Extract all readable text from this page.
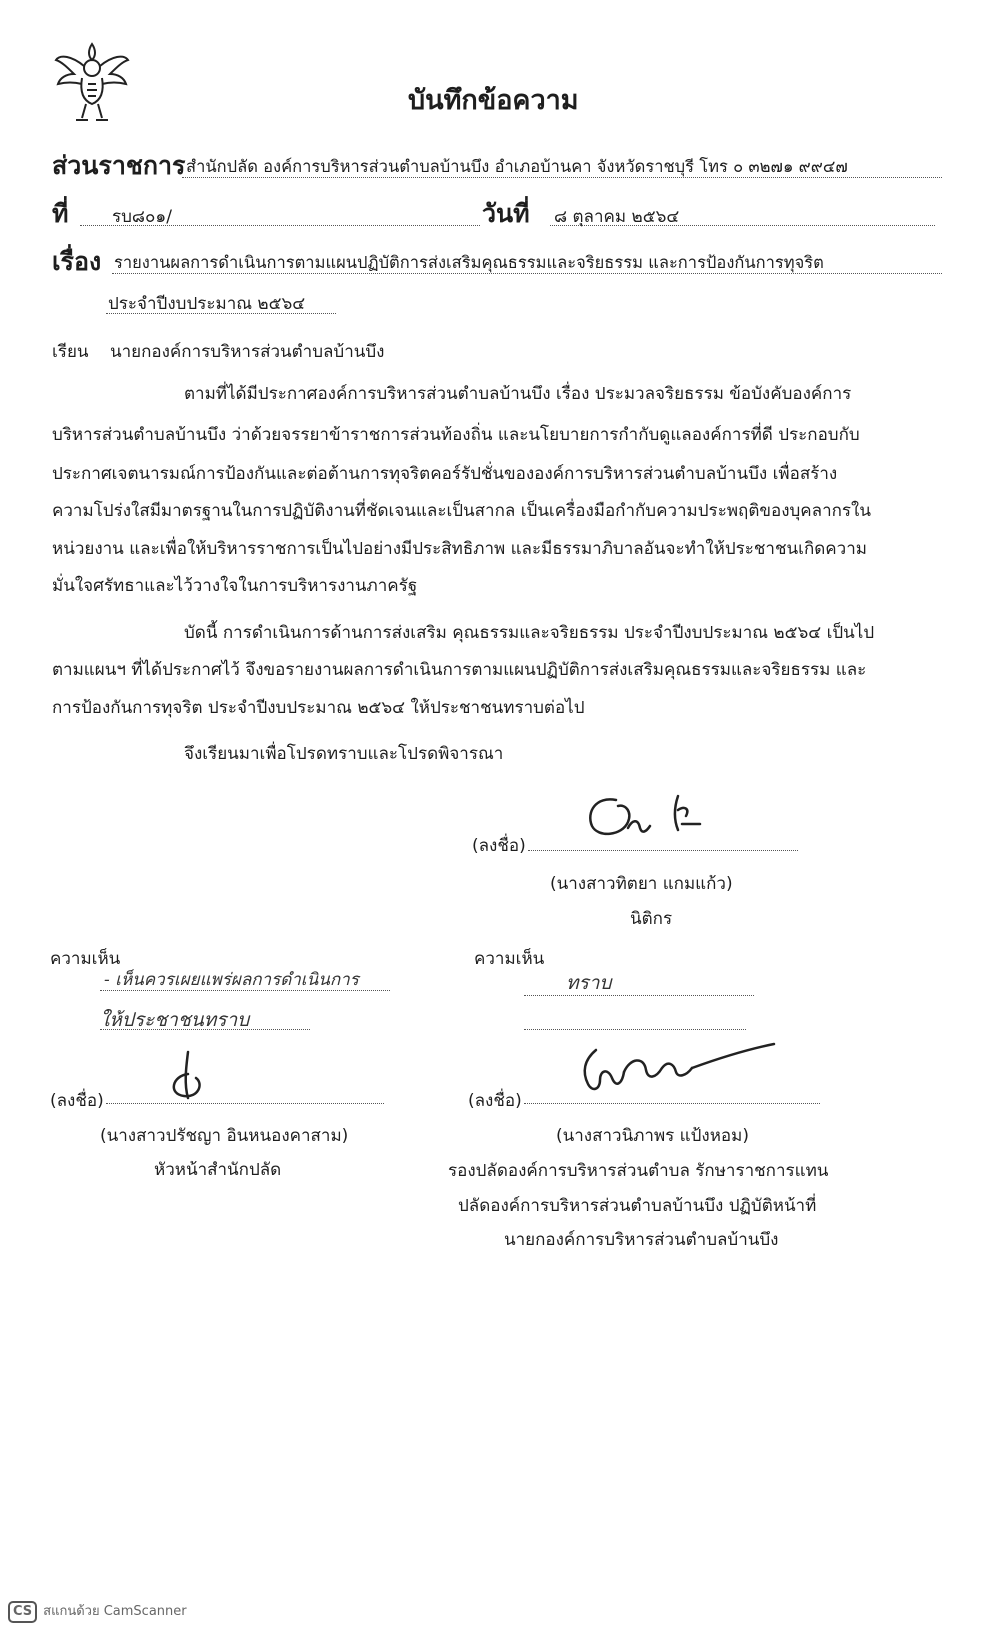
บันทึกข้อความ
ส่วนราชการ สำนักปลัด องค์การบริหารส่วนตำบลบ้านบึง อำเภอบ้านคา จังหวัดราชบุรี โทร ๐ ๓๒๗๑ ๙๙๔๗
ที่	รบ๘๐๑/	วันที่ ๘ ตุลาคม ๒๕๖๔
เรื่อง รายงานผลการดำเนินการตามแผนปฏิบัติการส่งเสริมคุณธรรมและจริยธรรม และการป้องกันการทุจริต
ประจำปีงบประมาณ ๒๕๖๔
เรียน นายกองค์การบริหารส่วนตำบลบ้านบึง
ตามที่ได้มีประกาศองค์การบริหารส่วนตำบลบ้านบึง เรื่อง ประมวลจริยธรรม ข้อบังคับองค์การ
บริหารส่วนตำบลบ้านบึง ว่าด้วยจรรยาข้าราชการส่วนท้องถิ่น และนโยบายการกำกับดูแลองค์การที่ดี ประกอบกับ
ประกาศเจตนารมณ์การป้องกันและต่อต้านการทุจริตคอร์รัปชั่นขององค์การบริหารส่วนตำบลบ้านบึง เพื่อสร้าง
ความโปร่งใสมีมาตรฐานในการปฏิบัติงานที่ชัดเจนและเป็นสากล เป็นเครื่องมือกำกับความประพฤติของบุคลากรใน
หน่วยงาน และเพื่อให้บริหารราชการเป็นไปอย่างมีประสิทธิภาพ และมีธรรมาภิบาลอันจะทำให้ประชาชนเกิดความ
มั่นใจศรัทธาและไว้วางใจในการบริหารงานภาครัฐ
บัดนี้ การดำเนินการด้านการส่งเสริม คุณธรรมและจริยธรรม ประจำปีงบประมาณ ๒๕๖๔ เป็นไป
ตามแผนฯ ที่ได้ประกาศไว้ จึงขอรายงานผลการดำเนินการตามแผนปฏิบัติการส่งเสริมคุณธรรมและจริยธรรม และ
การป้องกันการทุจริต ประจำปีงบประมาณ ๒๕๖๔ ให้ประชาชนทราบต่อไป
จึงเรียนมาเพื่อโปรดทราบและโปรดพิจารณา
(ลงชื่อ)
(นางสาวทิตยา แกมแก้ว)
นิติกร
ความเห็น
- เห็นควรเผยแพร่ผลการดำเนินการ
ให้ประชาชนทราบ
(ลงชื่อ)
(นางสาวปรัชญา อินหนองคาสาม)
หัวหน้าสำนักปลัด
ความเห็น
ทราบ
(ลงชื่อ)
(นางสาวนิภาพร แป้งหอม)
รองปลัดองค์การบริหารส่วนตำบล รักษาราชการแทน
ปลัดองค์การบริหารส่วนตำบลบ้านบึง ปฏิบัติหน้าที่
นายกองค์การบริหารส่วนตำบลบ้านบึง
CS สแกนด้วย CamScanner
